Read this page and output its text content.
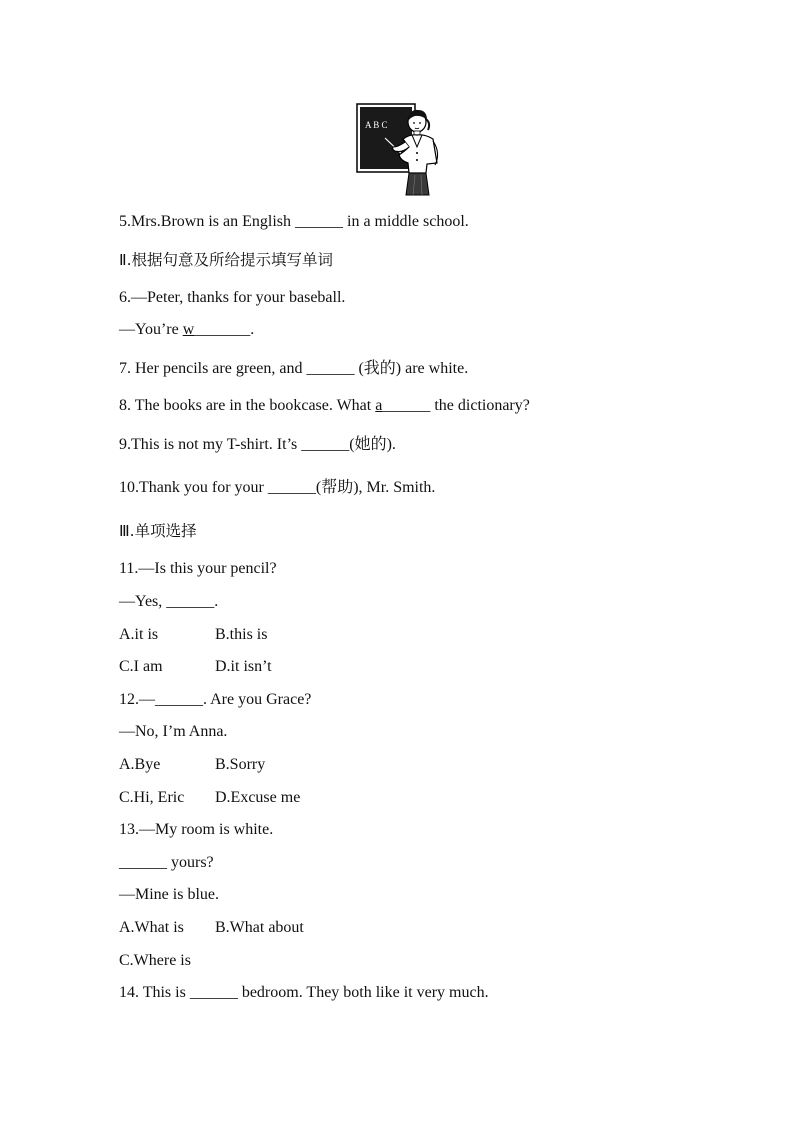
A B C
5.Mrs.Brown is an English ______ in a middle school.
Ⅱ.根据句意及所给提示填写单词
6.—Peter, thanks for your baseball.
—You’re w_______.
7. Her pencils are green, and ______ (我的) are white.
8. The books are in the bookcase. What a______ the dictionary?
9.This is not my T-shirt. It’s ______(她的).
10.Thank you for your ______(帮助), Mr. Smith.
Ⅲ.单项选择
11.—Is this your pencil?
—Yes, ______.
A.it is	B.this is
C.I am	D.it isn’t
12.—______. Are you Grace?
—No, I’m Anna.
A.Bye	B.Sorry
C.Hi, Eric D.Excuse me
13.—My room is white.
______ yours?
—Mine is blue.
A.What is B.What about
C.Where is
14. This is ______ bedroom. They both like it very much.
